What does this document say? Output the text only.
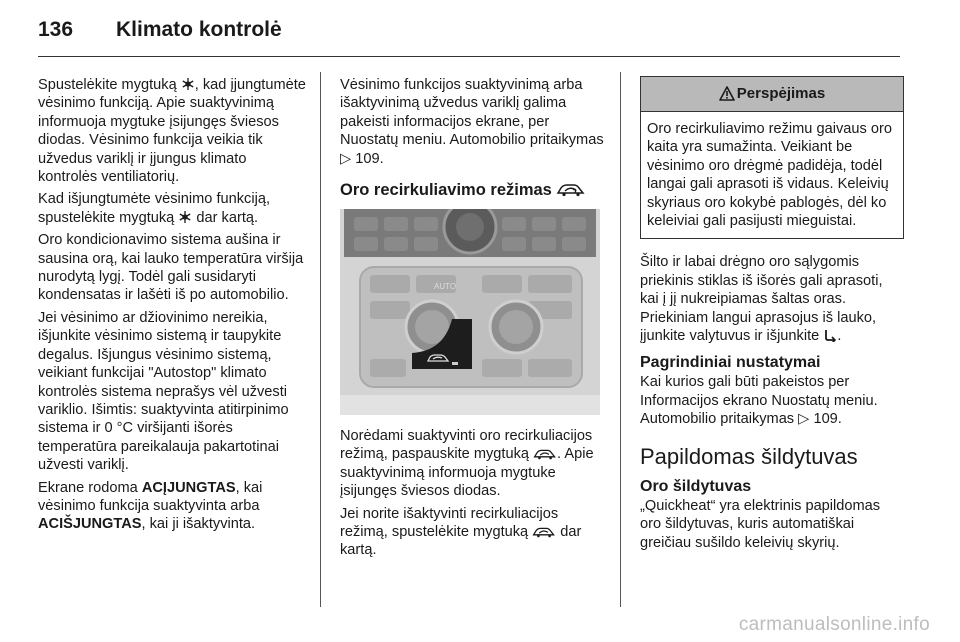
136 Klimato kontrolė

Spustelėkite mygtuką , kad įjungtumėte vėsinimo funkciją. Apie suaktyvinimą informuoja mygtuke įsijungęs šviesos diodas. Vėsinimo funkcija veikia tik užvedus variklį ir įjungus klimato kontrolės ventiliatorių.

Kad išjungtumėte vėsinimo funkciją, spustelėkite mygtuką  dar kartą.

Oro kondicionavimo sistema aušina ir sausina orą, kai lauko temperatūra viršija nurodytą lygį. Todėl gali susidaryti kondensatas ir lašėti iš po automobilio.

Jei vėsinimo ar džiovinimo nereikia, išjunkite vėsinimo sistemą ir taupykite degalus. Išjungus vėsinimo sistemą, veikiant funkcijai "Autostop" klimato kontrolės sistema neprašys vėl užvesti variklio. Išimtis: suaktyvinta atitirpinimo sistema ir 0 °C viršijanti išorės temperatūra pareikalauja pakartotinai užvesti variklį.

Ekrane rodoma ACĮJUNGTAS, kai vėsinimo funkcija suaktyvinta arba ACIŠJUNGTAS, kai ji išaktyvinta.

Vėsinimo funkcijos suaktyvinimą arba išaktyvinimą užvedus variklį galima pakeisti informacijos ekrane, per Nuostatų meniu. Automobilio pritaikymas ▷ 109.

Oro recirkuliavimo režimas
AUTO

Norėdami suaktyvinti oro recirkuliacijos režimą, paspauskite mygtuką . Apie suaktyvinimą informuoja mygtuke įsijungęs šviesos diodas.

Jei norite išaktyvinti recirkuliacijos režimą, spustelėkite mygtuką  dar kartą.

Perspėjimas
Oro recirkuliavimo režimu gaivaus oro kaita yra sumažinta. Veikiant be vėsinimo oro drėgmė padidėja, todėl langai gali aprasoti iš vidaus. Keleivių skyriaus oro kokybė pablogės, dėl ko keleiviai gali pasijusti mieguistai.

Šilto ir labai drėgno oro sąlygomis priekinis stiklas iš išorės gali aprasoti, kai į jį nukreipiamas šaltas oras. Priekiniam langui aprasojus iš lauko, įjunkite valytuvus ir išjunkite .

Pagrindiniai nustatymai

Kai kurios gali būti pakeistos per Informacijos ekrano Nuostatų meniu. Automobilio pritaikymas ▷ 109.

Papildomas šildytuvas
Oro šildytuvas

„Quickheat“ yra elektrinis papildomas oro šildytuvas, kuris automatiškai greičiau sušildo keleivių skyrių.

carmanualsonline.info
